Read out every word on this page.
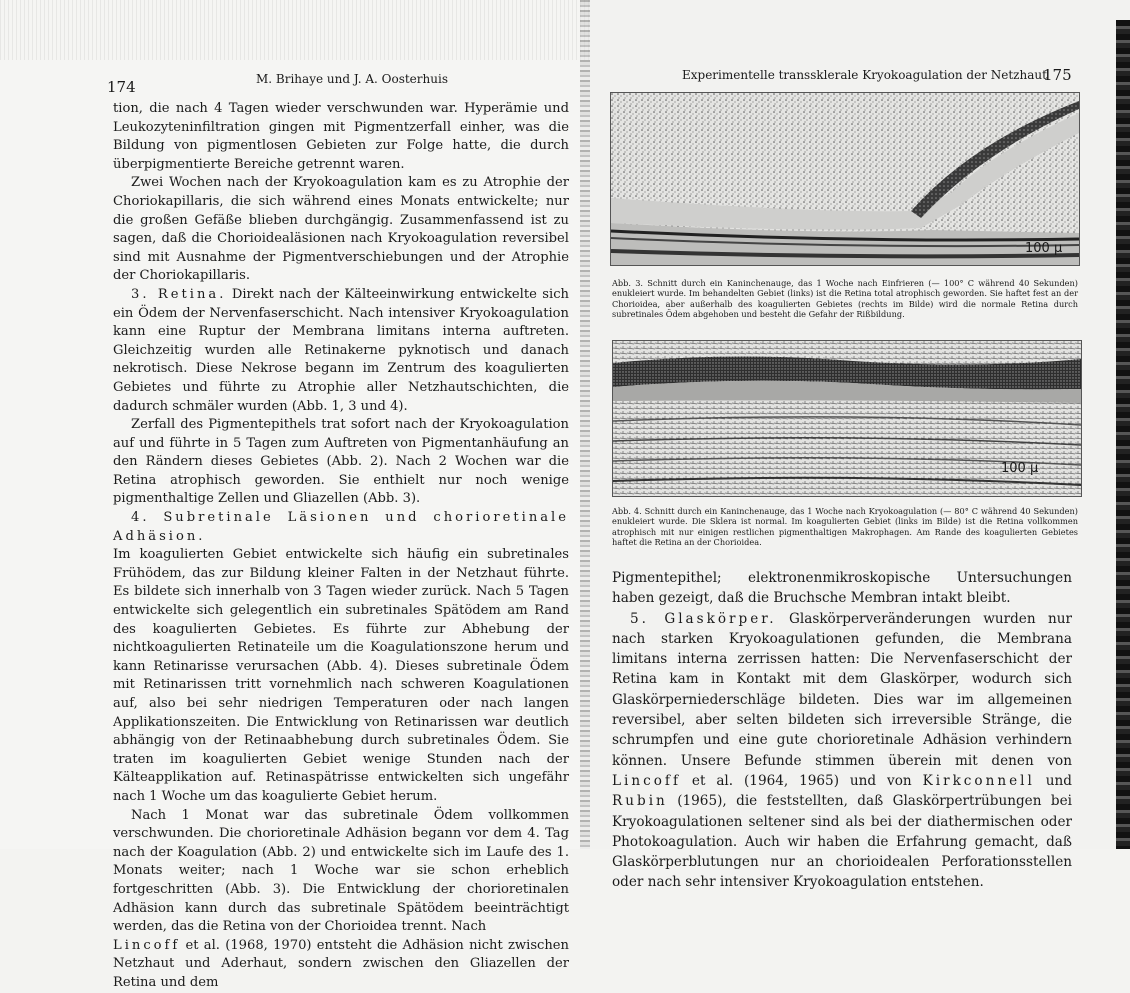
174	M. Brihaye und J. A. Oosterhuis

tion, die nach 4 Tagen wieder verschwunden war. Hyperämie und Leukozyteninfiltration gingen mit Pigmentzerfall einher, was die Bildung von pigmentlosen Gebieten zur Folge hatte, die durch überpigmentierte Bereiche getrennt waren.

Zwei Wochen nach der Kryokoagulation kam es zu Atrophie der Choriokapillaris, die sich während eines Monats entwickelte; nur die großen Gefäße blieben durchgängig. Zusammenfassend ist zu sagen, daß die Chorioidealäsionen nach Kryokoagulation reversibel sind mit Ausnahme der Pigmentverschiebungen und der Atrophie der Choriokapillaris.

3. Retina. Direkt nach der Kälteeinwirkung entwickelte sich ein Ödem der Nervenfaserschicht. Nach intensiver Kryokoagulation kann eine Ruptur der Membrana limitans interna auftreten. Gleichzeitig wurden alle Retinakerne pyknotisch und danach nekrotisch. Diese Nekrose begann im Zentrum des koagulierten Gebietes und führte zu Atrophie aller Netzhautschichten, die dadurch schmäler wurden (Abb. 1, 3 und 4).

Zerfall des Pigmentepithels trat sofort nach der Kryokoagulation auf und führte in 5 Tagen zum Auftreten von Pigmentanhäufung an den Rändern dieses Gebietes (Abb. 2). Nach 2 Wochen war die Retina atrophisch geworden. Sie enthielt nur noch wenige pigmenthaltige Zellen und Gliazellen (Abb. 3).

4. Subretinale Läsionen und chorioretinale Adhäsion.

Im koagulierten Gebiet entwickelte sich häufig ein subretinales Frühödem, das zur Bildung kleiner Falten in der Netzhaut führte. Es bildete sich innerhalb von 3 Tagen wieder zurück. Nach 5 Tagen entwickelte sich gelegentlich ein subretinales Spätödem am Rand des koagulierten Gebietes. Es führte zur Abhebung der nichtkoagulierten Retinateile um die Koagulationszone herum und kann Retinarisse verursachen (Abb. 4). Dieses subretinale Ödem mit Retinarissen tritt vornehmlich nach schweren Koagulationen auf, also bei sehr niedrigen Temperaturen oder nach langen Applikationszeiten. Die Entwicklung von Retinarissen war deutlich abhängig von der Retinaabhebung durch subretinales Ödem. Sie traten im koagulierten Gebiet wenige Stunden nach der Kälteapplikation auf. Retinaspätrisse entwickelten sich ungefähr nach 1 Woche um das koagulierte Gebiet herum.

Nach 1 Monat war das subretinale Ödem vollkommen verschwunden. Die chorioretinale Adhäsion begann vor dem 4. Tag nach der Koagulation (Abb. 2) und entwickelte sich im Laufe des 1. Monats weiter; nach 1 Woche war sie schon erheblich fortgeschritten (Abb. 3). Die Entwicklung der chorioretinalen Adhäsion kann durch das subretinale Spätödem beeinträchtigt werden, das die Retina von der Chorioidea trennt. Nach

Lincoff et al. (1968, 1970) entsteht die Adhäsion nicht zwischen Netzhaut und Aderhaut, sondern zwischen den Gliazellen der Retina und dem

Experimentelle transsklerale Kryokoagulation der Netzhaut
175
100 µ
Abb. 3. Schnitt durch ein Kaninchenauge, das 1 Woche nach Einfrieren (— 100° C während 40 Sekunden) enukleiert wurde. Im behandelten Gebiet (links) ist die Retina total atrophisch geworden. Sie haftet fest an der Chorioidea, aber außerhalb des koagulierten Gebietes (rechts im Bilde) wird die normale Retina durch subretinales Ödem abgehoben und besteht die Gefahr der Rißbildung.
100 µ
Abb. 4. Schnitt durch ein Kaninchenauge, das 1 Woche nach Kryokoagulation (— 80° C während 40 Sekunden) enukleiert wurde. Die Sklera ist normal. Im koagulierten Gebiet (links im Bilde) ist die Retina vollkommen atrophisch mit nur einigen restlichen pigmenthaltigen Makrophagen. Am Rande des koagulierten Gebietes haftet die Retina an der Chorioidea.

Pigmentepithel; elektronenmikroskopische Untersuchungen haben gezeigt, daß die Bruchsche Membran intakt bleibt.

5. Glaskörper. Glaskörperveränderungen wurden nur nach starken Kryokoagulationen gefunden, die Membrana limitans interna zerrissen hatten: Die Nervenfaserschicht der Retina kam in Kontakt mit dem Glaskörper, wodurch sich Glaskörperniederschläge bildeten. Dies war im allgemeinen reversibel, aber selten bildeten sich irreversible Stränge, die schrumpfen und eine gute chorioretinale Adhäsion verhindern können. Unsere Befunde stimmen überein mit denen von Lincoff et al. (1964, 1965) und von Kirkconnell und Rubin (1965), die feststellten, daß Glaskörpertrübungen bei Kryokoagulationen seltener sind als bei der diathermischen oder Photokoagulation. Auch wir haben die Erfahrung gemacht, daß Glaskörperblutungen nur an chorioidealen Perforationsstellen oder nach sehr intensiver Kryokoagulation entstehen.
